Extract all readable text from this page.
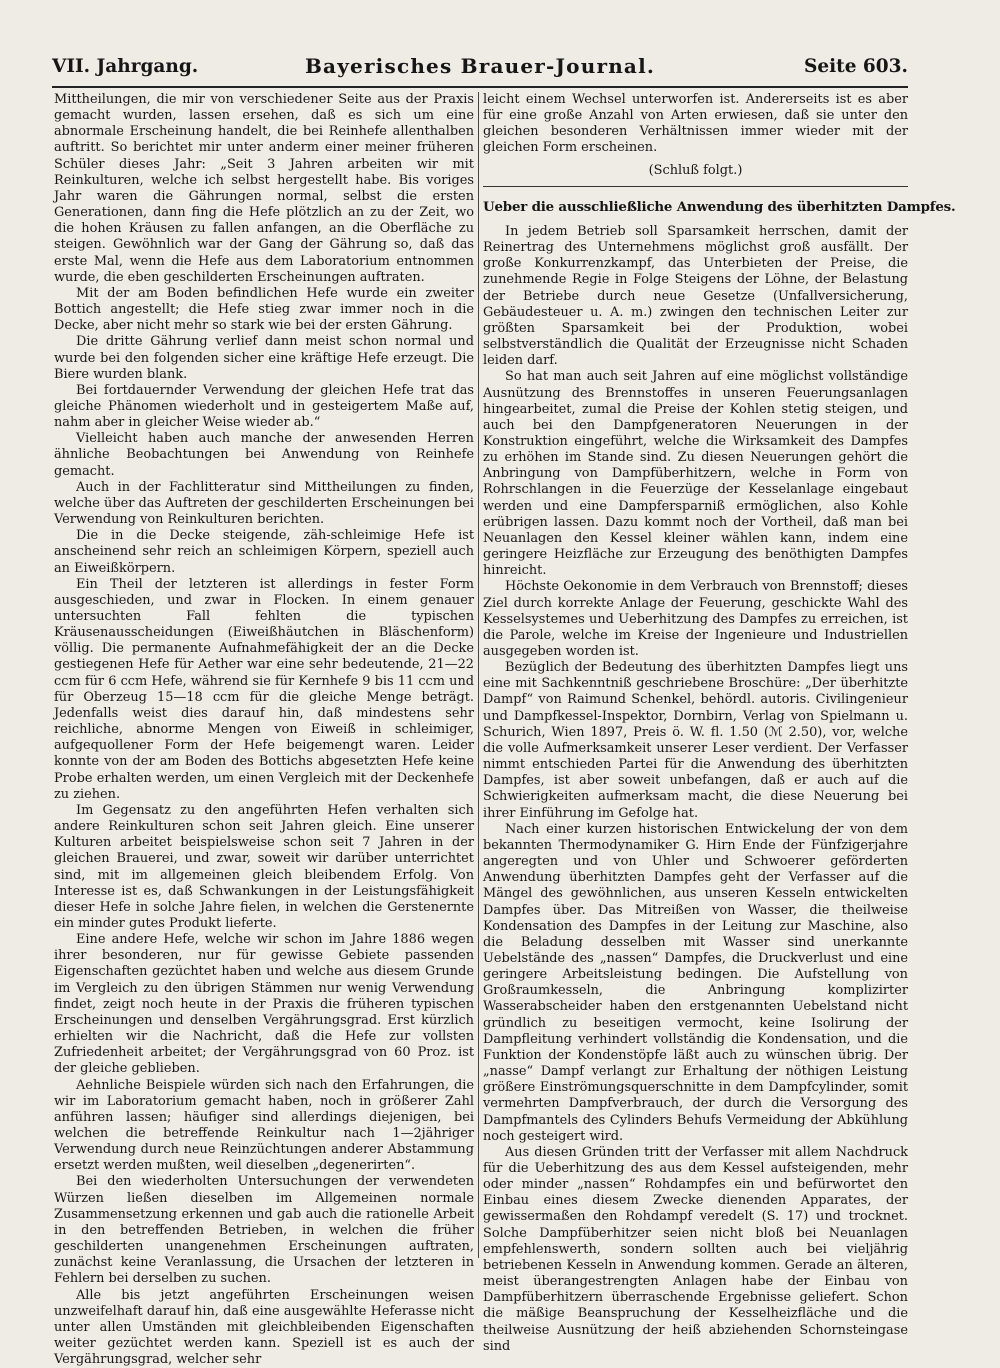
VII. Jahrgang.	Bayerisches Brauer-Journal.	Seite 603.

Mittheilungen, die mir von verschiedener Seite aus der Praxis gemacht wurden, lassen ersehen, daß es sich um eine abnormale Erscheinung handelt, die bei Reinhefe allenthalben auftritt. So berichtet mir unter anderm einer meiner früheren Schüler dieses Jahr: „Seit 3 Jahren arbeiten wir mit Reinkulturen, welche ich selbst hergestellt habe. Bis voriges Jahr waren die Gährungen normal, selbst die ersten Generationen, dann fing die Hefe plötzlich an zu der Zeit, wo die hohen Kräusen zu fallen anfangen, an die Oberfläche zu steigen. Gewöhnlich war der Gang der Gährung so, daß das erste Mal, wenn die Hefe aus dem Laboratorium entnommen wurde, die eben geschilderten Erscheinungen auftraten.

Mit der am Boden befindlichen Hefe wurde ein zweiter Bottich angestellt; die Hefe stieg zwar immer noch in die Decke, aber nicht mehr so stark wie bei der ersten Gährung.

Die dritte Gährung verlief dann meist schon normal und wurde bei den folgenden sicher eine kräftige Hefe erzeugt. Die Biere wurden blank.

Bei fortdauernder Verwendung der gleichen Hefe trat das gleiche Phänomen wiederholt und in gesteigertem Maße auf, nahm aber in gleicher Weise wieder ab.“

Vielleicht haben auch manche der anwesenden Herren ähnliche Beobachtungen bei Anwendung von Reinhefe gemacht.

Auch in der Fachlitteratur sind Mittheilungen zu finden, welche über das Auftreten der geschilderten Erscheinungen bei Verwendung von Reinkulturen berichten.

Die in die Decke steigende, zäh-schleimige Hefe ist anscheinend sehr reich an schleimigen Körpern, speziell auch an Eiweißkörpern.

Ein Theil der letzteren ist allerdings in fester Form ausgeschieden, und zwar in Flocken. In einem genauer untersuchten Fall fehlten die typischen Kräusenausscheidungen (Eiweißhäutchen in Bläschenform) völlig. Die permanente Aufnahmefähigkeit der an die Decke gestiegenen Hefe für Aether war eine sehr bedeutende, 21—22 ccm für 6 ccm Hefe, während sie für Kernhefe 9 bis 11 ccm und für Oberzeug 15—18 ccm für die gleiche Menge beträgt. Jedenfalls weist dies darauf hin, daß mindestens sehr reichliche, abnorme Mengen von Eiweiß in schleimiger, aufgequollener Form der Hefe beigemengt waren. Leider konnte von der am Boden des Bottichs abgesetzten Hefe keine Probe erhalten werden, um einen Vergleich mit der Deckenhefe zu ziehen.

Im Gegensatz zu den angeführten Hefen verhalten sich andere Reinkulturen schon seit Jahren gleich. Eine unserer Kulturen arbeitet beispielsweise schon seit 7 Jahren in der gleichen Brauerei, und zwar, soweit wir darüber unterrichtet sind, mit im allgemeinen gleich bleibendem Erfolg. Von Interesse ist es, daß Schwankungen in der Leistungsfähigkeit dieser Hefe in solche Jahre fielen, in welchen die Gerstenernte ein minder gutes Produkt lieferte.

Eine andere Hefe, welche wir schon im Jahre 1886 wegen ihrer besonderen, nur für gewisse Gebiete passenden Eigenschaften gezüchtet haben und welche aus diesem Grunde im Vergleich zu den übrigen Stämmen nur wenig Verwendung findet, zeigt noch heute in der Praxis die früheren typischen Erscheinungen und denselben Vergährungsgrad. Erst kürzlich erhielten wir die Nachricht, daß die Hefe zur vollsten Zufriedenheit arbeitet; der Vergährungsgrad von 60 Proz. ist der gleiche geblieben.

Aehnliche Beispiele würden sich nach den Erfahrungen, die wir im Laboratorium gemacht haben, noch in größerer Zahl anführen lassen; häufiger sind allerdings diejenigen, bei welchen die betreffende Reinkultur nach 1—2jähriger Verwendung durch neue Reinzüchtungen anderer Abstammung ersetzt werden mußten, weil dieselben „degenerirten“.

Bei den wiederholten Untersuchungen der verwendeten Würzen ließen dieselben im Allgemeinen normale Zusammensetzung erkennen und gab auch die rationelle Arbeit in den betreffenden Betrieben, in welchen die früher geschilderten unangenehmen Erscheinungen auftraten, zunächst keine Veranlassung, die Ursachen der letzteren in Fehlern bei derselben zu suchen.

Alle bis jetzt angeführten Erscheinungen weisen unzweifelhaft darauf hin, daß eine ausgewählte Heferasse nicht unter allen Umständen mit gleichbleibenden Eigenschaften weiter gezüchtet werden kann. Speziell ist es auch der Vergährungsgrad, welcher sehr

leicht einem Wechsel unterworfen ist. Andererseits ist es aber für eine große Anzahl von Arten erwiesen, daß sie unter den gleichen besonderen Verhältnissen immer wieder mit der gleichen Form erscheinen.

(Schluß folgt.)
Ueber die ausschließliche Anwendung des überhitzten Dampfes.

In jedem Betrieb soll Sparsamkeit herrschen, damit der Reinertrag des Unternehmens möglichst groß ausfällt. Der große Konkurrenzkampf, das Unterbieten der Preise, die zunehmende Regie in Folge Steigens der Löhne, der Belastung der Betriebe durch neue Gesetze (Unfallversicherung, Gebäudesteuer u. A. m.) zwingen den technischen Leiter zur größten Sparsamkeit bei der Produktion, wobei selbstverständlich die Qualität der Erzeugnisse nicht Schaden leiden darf.

So hat man auch seit Jahren auf eine möglichst vollständige Ausnützung des Brennstoffes in unseren Feuerungsanlagen hingearbeitet, zumal die Preise der Kohlen stetig steigen, und auch bei den Dampfgeneratoren Neuerungen in der Konstruktion eingeführt, welche die Wirksamkeit des Dampfes zu erhöhen im Stande sind. Zu diesen Neuerungen gehört die Anbringung von Dampfüberhitzern, welche in Form von Rohrschlangen in die Feuerzüge der Kesselanlage eingebaut werden und eine Dampfersparniß ermöglichen, also Kohle erübrigen lassen. Dazu kommt noch der Vortheil, daß man bei Neuanlagen den Kessel kleiner wählen kann, indem eine geringere Heizfläche zur Erzeugung des benöthigten Dampfes hinreicht.

Höchste Oekonomie in dem Verbrauch von Brennstoff; dieses Ziel durch korrekte Anlage der Feuerung, geschickte Wahl des Kesselsystemes und Ueberhitzung des Dampfes zu erreichen, ist die Parole, welche im Kreise der Ingenieure und Industriellen ausgegeben worden ist.

Bezüglich der Bedeutung des überhitzten Dampfes liegt uns eine mit Sachkenntniß geschriebene Broschüre: „Der überhitzte Dampf“ von Raimund Schenkel, behördl. autoris. Civilingenieur und Dampfkessel-Inspektor, Dornbirn, Verlag von Spielmann u. Schurich, Wien 1897, Preis ö. W. fl. 1.50 (ℳ 2.50), vor, welche die volle Aufmerksamkeit unserer Leser verdient. Der Verfasser nimmt entschieden Partei für die Anwendung des überhitzten Dampfes, ist aber soweit unbefangen, daß er auch auf die Schwierigkeiten aufmerksam macht, die diese Neuerung bei ihrer Einführung im Gefolge hat.

Nach einer kurzen historischen Entwickelung der von dem bekannten Thermodynamiker G. Hirn Ende der Fünfzigerjahre angeregten und von Uhler und Schwoerer geförderten Anwendung überhitzten Dampfes geht der Verfasser auf die Mängel des gewöhnlichen, aus unseren Kesseln entwickelten Dampfes über. Das Mitreißen von Wasser, die theilweise Kondensation des Dampfes in der Leitung zur Maschine, also die Beladung desselben mit Wasser sind unerkannte Uebelstände des „nassen“ Dampfes, die Druckverlust und eine geringere Arbeitsleistung bedingen. Die Aufstellung von Großraumkesseln, die Anbringung komplizirter Wasserabscheider haben den erstgenannten Uebelstand nicht gründlich zu beseitigen vermocht, keine Isolirung der Dampfleitung verhindert vollständig die Kondensation, und die Funktion der Kondenstöpfe läßt auch zu wünschen übrig. Der „nasse“ Dampf verlangt zur Erhaltung der nöthigen Leistung größere Einströmungsquerschnitte in dem Dampfcylinder, somit vermehrten Dampfverbrauch, der durch die Versorgung des Dampfmantels des Cylinders Behufs Vermeidung der Abkühlung noch gesteigert wird.

Aus diesen Gründen tritt der Verfasser mit allem Nachdruck für die Ueberhitzung des aus dem Kessel aufsteigenden, mehr oder minder „nassen“ Rohdampfes ein und befürwortet den Einbau eines diesem Zwecke dienenden Apparates, der gewissermaßen den Rohdampf veredelt (S. 17) und trocknet. Solche Dampfüberhitzer seien nicht bloß bei Neuanlagen empfehlenswerth, sondern sollten auch bei vieljährig betriebenen Kesseln in Anwendung kommen. Gerade an älteren, meist überangestrengten Anlagen habe der Einbau von Dampfüberhitzern überraschende Ergebnisse geliefert. Schon die mäßige Beanspruchung der Kesselheizfläche und die theilweise Ausnützung der heiß abziehenden Schornsteingase sind
